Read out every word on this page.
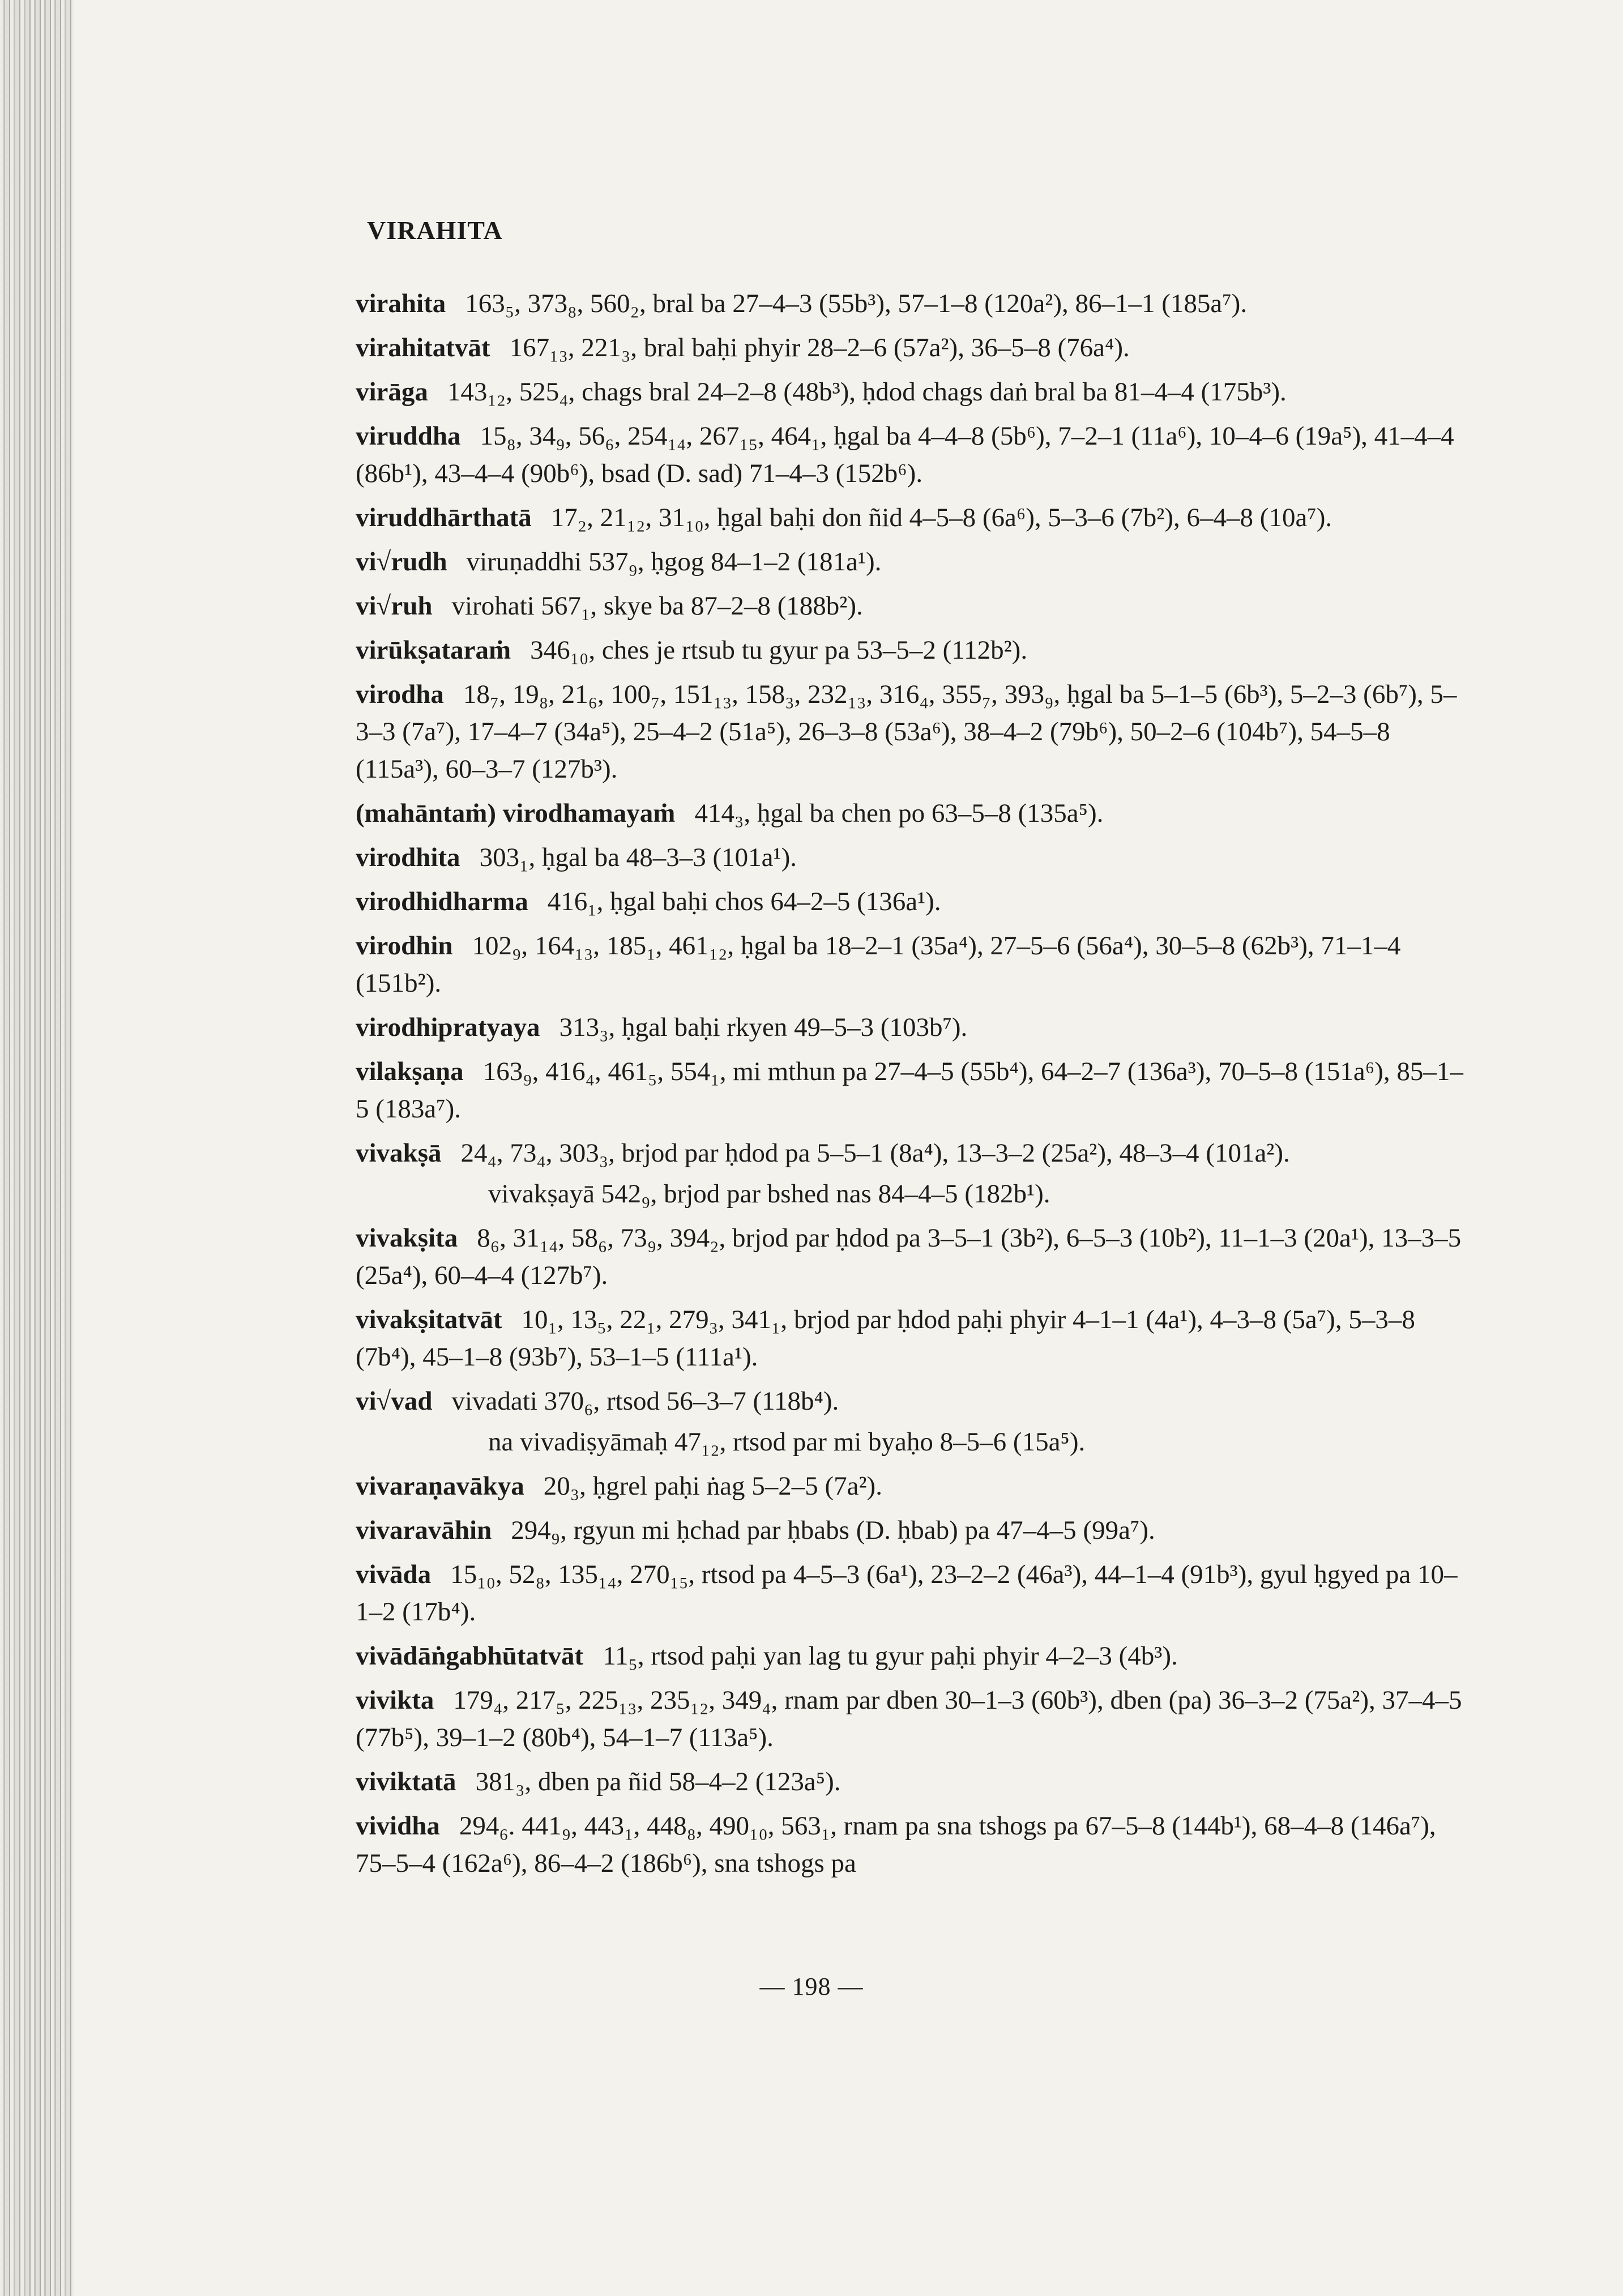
VIRAHITA
virahita 163₅, 373₈, 560₂, bral ba 27–4–3 (55b³), 57–1–8 (120a²), 86–1–1 (185a⁷).
virahitatvāt 167₁₃, 221₃, bral baḥi phyir 28–2–6 (57a²), 36–5–8 (76a⁴).
virāga 143₁₂, 525₄, chags bral 24–2–8 (48b³), ḥdod chags daṅ bral ba 81–4–4 (175b³).
viruddha 15₈, 34₉, 56₆, 254₁₄, 267₁₅, 464₁, ḥgal ba 4–4–8 (5b⁶), 7–2–1 (11a⁶), 10–4–6 (19a⁵), 41–4–4 (86b¹), 43–4–4 (90b⁶), bsad (D. sad) 71–4–3 (152b⁶).
viruddhārthatā 17₂, 21₁₂, 31₁₀, ḥgal baḥi don ñid 4–5–8 (6a⁶), 5–3–6 (7b²), 6–4–8 (10a⁷).
vi√rudh viruṇaddhi 537₉, ḥgog 84–1–2 (181a¹).
vi√ruh virohati 567₁, skye ba 87–2–8 (188b²).
virūkṣataraṁ 346₁₀, ches je rtsub tu gyur pa 53–5–2 (112b²).
virodha 18₇, 19₈, 21₆, 100₇, 151₁₃, 158₃, 232₁₃, 316₄, 355₇, 393₉, ḥgal ba 5–1–5 (6b³), 5–2–3 (6b⁷), 5–3–3 (7a⁷), 17–4–7 (34a⁵), 25–4–2 (51a⁵), 26–3–8 (53a⁶), 38–4–2 (79b⁶), 50–2–6 (104b⁷), 54–5–8 (115a³), 60–3–7 (127b³).
(mahāntaṁ) virodhamayaṁ 414₃, ḥgal ba chen po 63–5–8 (135a⁵).
virodhita 303₁, ḥgal ba 48–3–3 (101a¹).
virodhidharma 416₁, ḥgal baḥi chos 64–2–5 (136a¹).
virodhin 102₉, 164₁₃, 185₁, 461₁₂, ḥgal ba 18–2–1 (35a⁴), 27–5–6 (56a⁴), 30–5–8 (62b³), 71–1–4 (151b²).
virodhipratyaya 313₃, ḥgal baḥi rkyen 49–5–3 (103b⁷).
vilakṣaṇa 163₉, 416₄, 461₅, 554₁, mi mthun pa 27–4–5 (55b⁴), 64–2–7 (136a³), 70–5–8 (151a⁶), 85–1–5 (183a⁷).
vivakṣā 24₄, 73₄, 303₃, brjod par ḥdod pa 5–5–1 (8a⁴), 13–3–2 (25a²), 48–3–4 (101a²).
vivakṣayā 542₉, brjod par bshed nas 84–4–5 (182b¹).
vivakṣita 8₆, 31₁₄, 58₆, 73₉, 394₂, brjod par ḥdod pa 3–5–1 (3b²), 6–5–3 (10b²), 11–1–3 (20a¹), 13–3–5 (25a⁴), 60–4–4 (127b⁷).
vivakṣitatvāt 10₁, 13₅, 22₁, 279₃, 341₁, brjod par ḥdod paḥi phyir 4–1–1 (4a¹), 4–3–8 (5a⁷), 5–3–8 (7b⁴), 45–1–8 (93b⁷), 53–1–5 (111a¹).
vi√vad vivadati 370₆, rtsod 56–3–7 (118b⁴).
na vivadiṣyāmaḥ 47₁₂, rtsod par mi byaḥo 8–5–6 (15a⁵).
vivaraṇavākya 20₃, ḥgrel paḥi ṅag 5–2–5 (7a²).
vivaravāhin 294₉, rgyun mi ḥchad par ḥbabs (D. ḥbab) pa 47–4–5 (99a⁷).
vivāda 15₁₀, 52₈, 135₁₄, 270₁₅, rtsod pa 4–5–3 (6a¹), 23–2–2 (46a³), 44–1–4 (91b³), gyul ḥgyed pa 10–1–2 (17b⁴).
vivādāṅgabhūtatvāt 11₅, rtsod paḥi yan lag tu gyur paḥi phyir 4–2–3 (4b³).
vivikta 179₄, 217₅, 225₁₃, 235₁₂, 349₄, rnam par dben 30–1–3 (60b³), dben (pa) 36–3–2 (75a²), 37–4–5 (77b⁵), 39–1–2 (80b⁴), 54–1–7 (113a⁵).
viviktatā 381₃, dben pa ñid 58–4–2 (123a⁵).
vividha 294₆. 441₉, 443₁, 448₈, 490₁₀, 563₁, rnam pa sna tshogs pa 67–5–8 (144b¹), 68–4–8 (146a⁷), 75–5–4 (162a⁶), 86–4–2 (186b⁶), sna tshogs pa
— 198 —
